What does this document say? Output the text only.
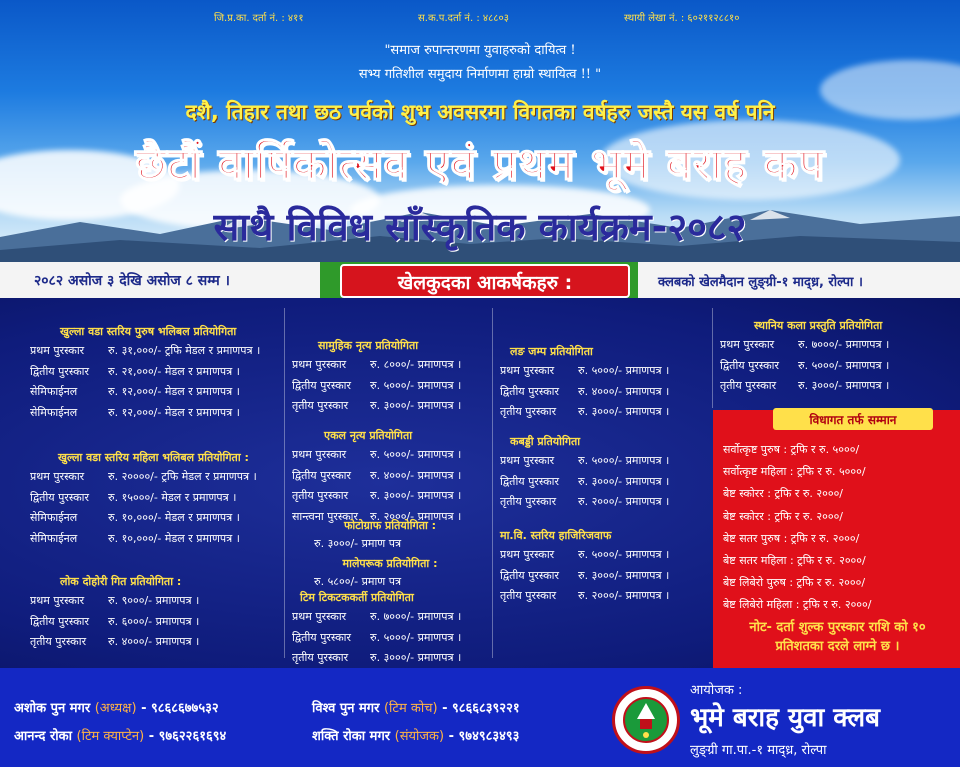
जि.प्र.का. दर्ता नं. : ४११	स.क.प.दर्ता नं. : ४८८०३	स्थायी लेखा नं. : ६०२११२८८१०
"समाज रुपान्तरणमा युवाहरुको दायित्व !
सभ्य गतिशील समुदाय निर्माणमा हाम्रो स्थायित्व !! "
दशै, तिहार तथा छठ पर्वको शुभ अवसरमा विगतका वर्षहरु जस्तै यस वर्ष पनि
छैटौं वार्षिकोत्सव एवं प्रथम भूमे बराह कप
साथै विविध साँस्कृतिक कार्यक्रम-२०८२
२०८२ असोज ३ देखि असोज ८ सम्म ।	खेलकुदका आकर्षकहरु :	क्लबको खेलमैदान लुङ्ग्री-१ माद्ध्र, रोल्पा ।
खुल्ला वडा स्तरिय पुरुष भलिबल प्रतियोगिता
प्रथम पुरस्कार	रु. ३१,०००/- ट्रफि मेडल र प्रमाणपत्र ।
द्वितीय पुरस्कार	रु. २१,०००/- मेडल र प्रमाणपत्र ।
सेमिफाईनल	रु. १२,०००/- मेडल र प्रमाणपत्र ।
सेमिफाईनल	रु. १२,०००/- मेडल र प्रमाणपत्र ।
खुल्ला वडा स्तरिय महिला भलिबल प्रतियोगिता :
प्रथम पुरस्कार	रु. २००००/- ट्रफि मेडल र प्रमाणपत्र ।
द्वितीय पुरस्कार	रु. १५०००/- मेडल र प्रमाणपत्र ।
सेमिफाईनल	रु. १०,०००/- मेडल र प्रमाणपत्र ।
सेमिफाईनल	रु. १०,०००/- मेडल र प्रमाणपत्र ।
लोक दोहोरी गित प्रतियोगिता :
प्रथम पुरस्कार	रु. ९०००/- प्रमाणपत्र ।
द्वितीय पुरस्कार	रु. ६०००/- प्रमाणपत्र ।
तृतीय पुरस्कार	रु. ४०००/- प्रमाणपत्र ।
सामुहिक नृत्य प्रतियोगिता
प्रथम पुरस्कार	रु. ८०००/- प्रमाणपत्र ।
द्वितीय पुरस्कार	रु. ५०००/- प्रमाणपत्र ।
तृतीय पुरस्कार	रु. ३०००/- प्रमाणपत्र ।
एकल नृत्य प्रतियोगिता
प्रथम पुरस्कार	रु. ५०००/- प्रमाणपत्र ।
द्वितीय पुरस्कार	रु. ४०००/- प्रमाणपत्र ।
तृतीय पुरस्कार	रु. ३०००/- प्रमाणपत्र ।
सान्त्वना पुरस्कार	रु. २०००/- प्रमाणपत्र ।
फोटोग्राफ प्रतियोगिता :
रु. ३०००/- प्रमाण पत्र
मालेपरूक प्रतियोगिता :
रु. ५८००/- प्रमाण पत्र
टिम टिकटककर्ती प्रतियोगिता
प्रथम पुरस्कार	रु. ७०००/- प्रमाणपत्र ।
द्वितीय पुरस्कार	रु. ५०००/- प्रमाणपत्र ।
तृतीय पुरस्कार	रु. ३०००/- प्रमाणपत्र ।
लङ जम्प प्रतियोगिता
प्रथम पुरस्कार	रु. ५०००/- प्रमाणपत्र ।
द्वितीय पुरस्कार	रु. ४०००/- प्रमाणपत्र ।
तृतीय पुरस्कार	रु. ३०००/- प्रमाणपत्र ।
कबड्डी प्रतियोगिता
प्रथम पुरस्कार	रु. ५०००/- प्रमाणपत्र ।
द्वितीय पुरस्कार	रु. ३०००/- प्रमाणपत्र ।
तृतीय पुरस्कार	रु. २०००/- प्रमाणपत्र ।
मा.वि. स्तरिय हाजिरिजवाफ
प्रथम पुरस्कार	रु. ५०००/- प्रमाणपत्र ।
द्वितीय पुरस्कार	रु. ३०००/- प्रमाणपत्र ।
तृतीय पुरस्कार	रु. २०००/- प्रमाणपत्र ।
स्थानिय कला प्रस्तुति प्रतियोगिता
प्रथम पुरस्कार	रु. ७०००/- प्रमाणपत्र ।
द्वितीय पुरस्कार	रु. ५०००/- प्रमाणपत्र ।
तृतीय पुरस्कार	रु. ३०००/- प्रमाणपत्र ।
विधागत तर्फ सम्मान
सर्वोत्कृष्ट पुरुष : ट्रफि र रु. ५०००/
सर्वोत्कृष्ट महिला : ट्रफि र रु. ५०००/
बेष्ट स्कोरर : ट्रफि र रु. २०००/
बेष्ट स्कोरर : ट्रफि र रु. २०००/
बेष्ट सतर पुरुष : ट्रफि र रु. २०००/
बेष्ट सतर महिला : ट्रफि र रु. २०००/
बेष्ट लिबेरो पुरुष : ट्रफि र रु. २०००/
बेष्ट लिबेरो महिला : ट्रफि र रु. २०००/
नोट- दर्ता शुल्क पुरस्कार राशि को १० प्रतिशतका दरले लाग्ने छ ।
अशोक पुन मगर (अध्यक्ष) - ९८६८६७७५३२
आनन्द रोका (टिम क्याप्टेन) - ९७६२२६१६९४
विश्व पुन मगर (टिम कोच) - ९८६६८३९२२१
शक्ति रोका मगर (संयोजक) - ९७४९८३४९३
आयोजक :
भूमे बराह युवा क्लब
लुङ्ग्री गा.पा.-१ माद्ध्र, रोल्पा
